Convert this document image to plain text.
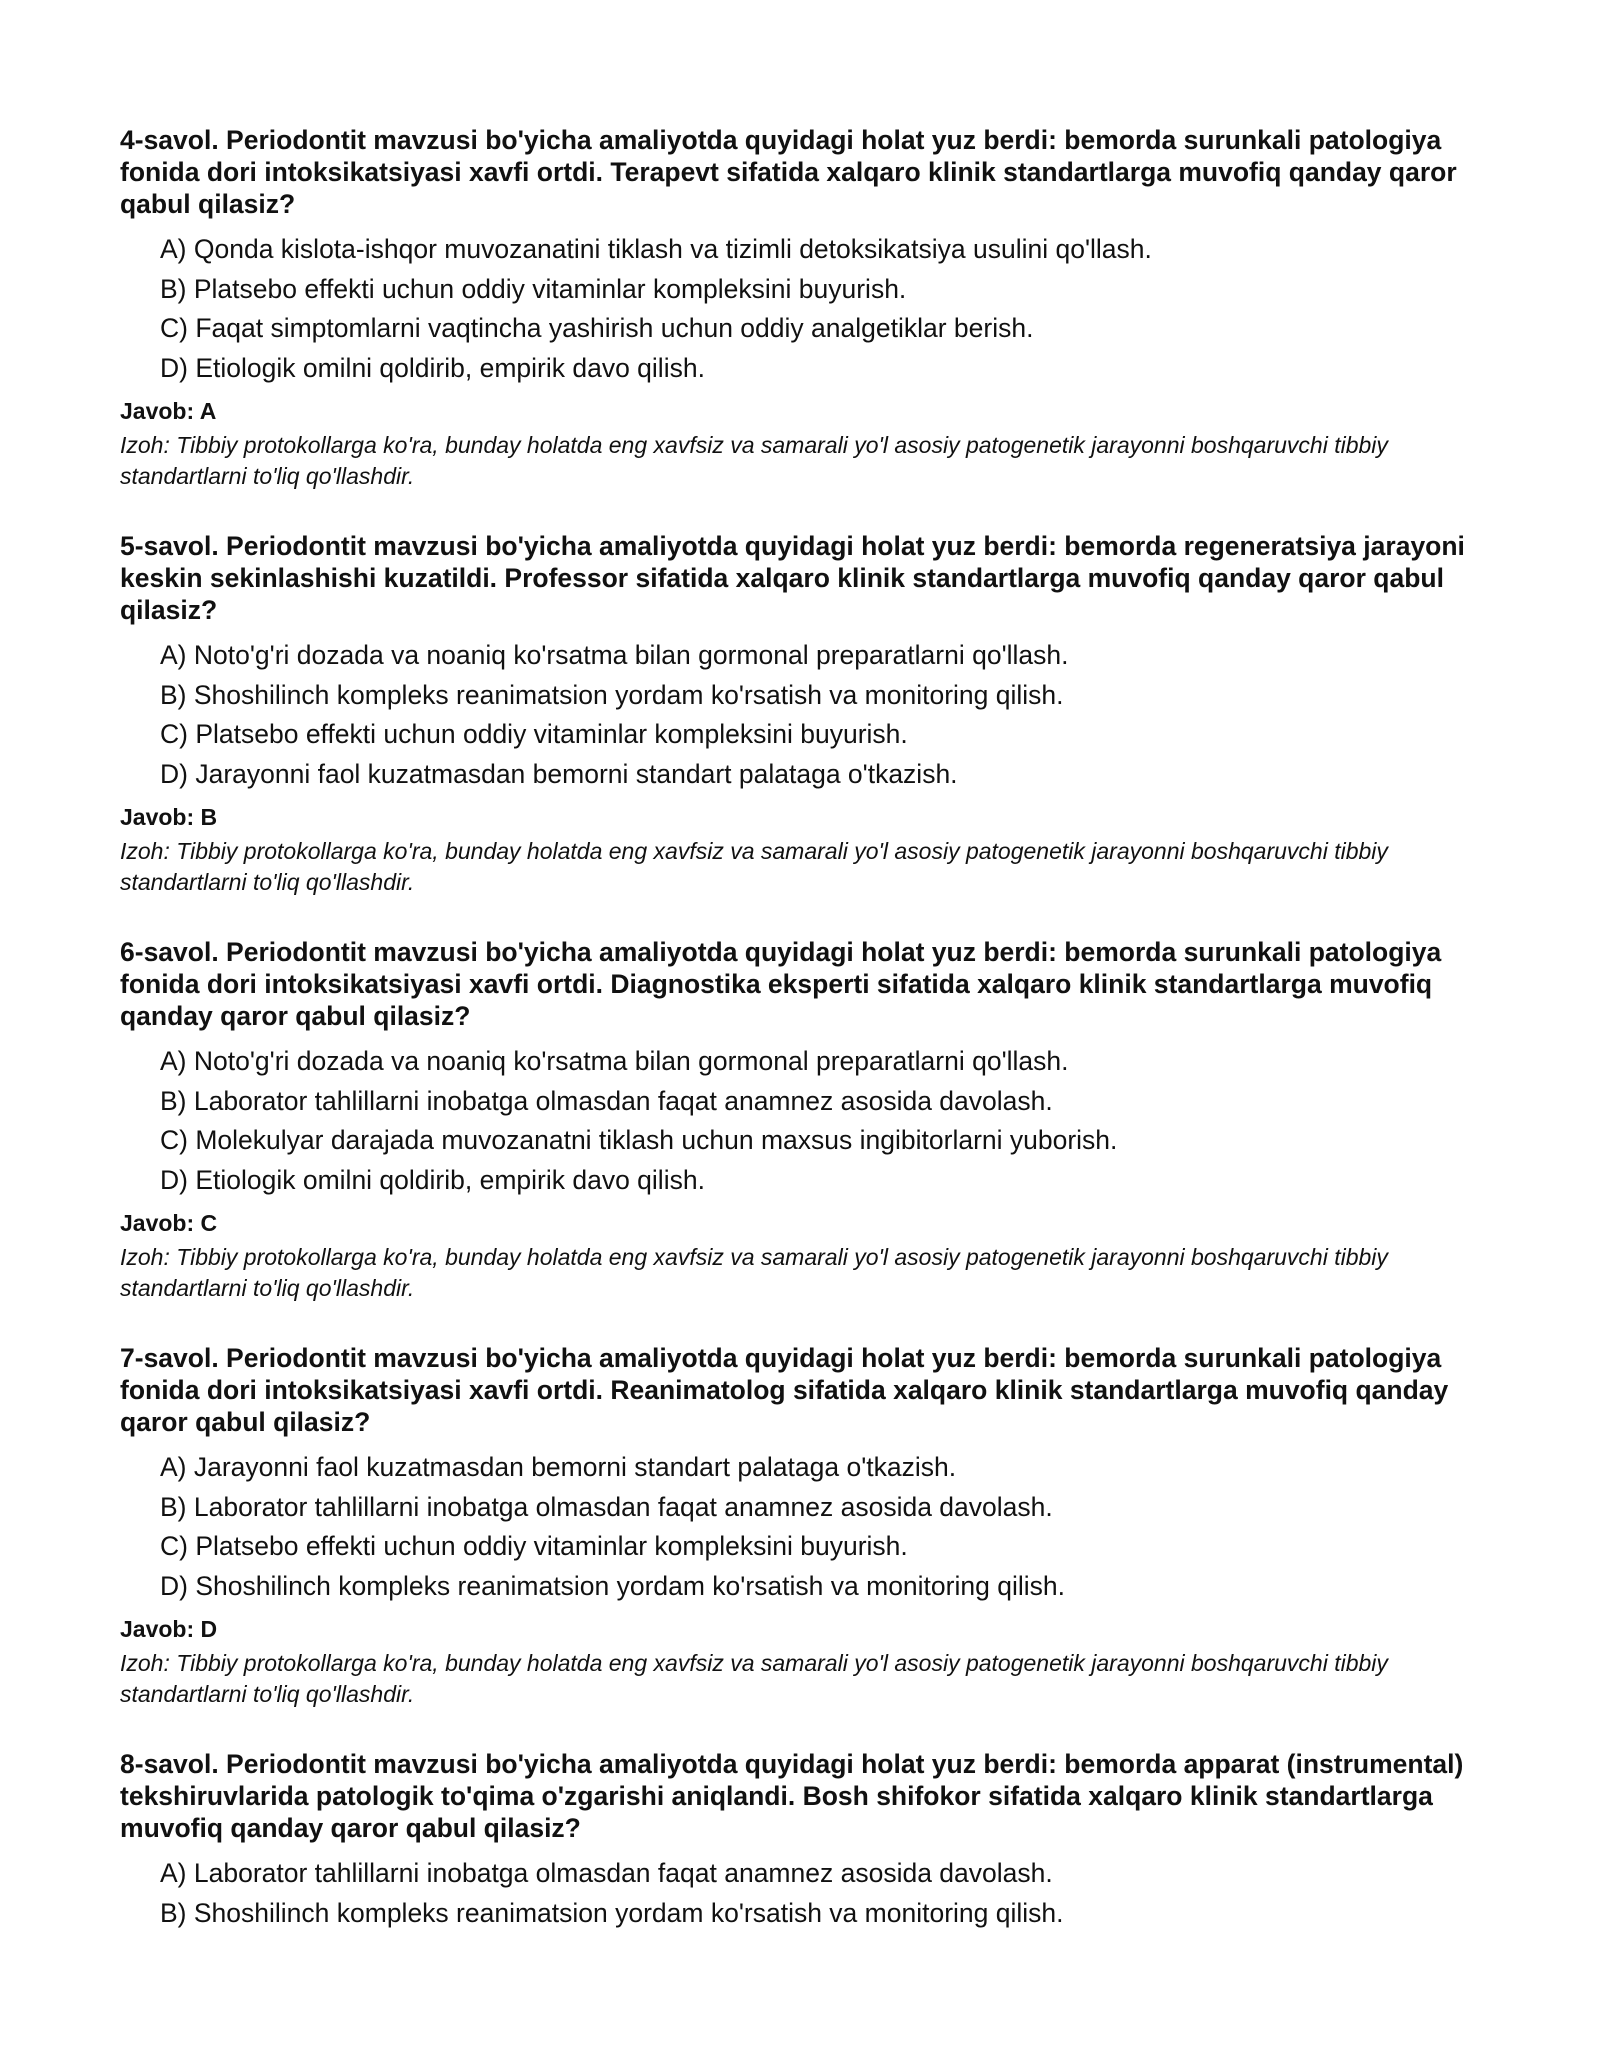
4-savol. Periodontit mavzusi bo'yicha amaliyotda quyidagi holat yuz berdi: bemorda surunkali patologiya fonida dori intoksikatsiyasi xavfi ortdi. Terapevt sifatida xalqaro klinik standartlarga muvofiq qanday qaror qabul qilasiz?

A) Qonda kislota-ishqor muvozanatini tiklash va tizimli detoksikatsiya usulini qo'llash.
B) Platsebo effekti uchun oddiy vitaminlar kompleksini buyurish.
C) Faqat simptomlarni vaqtincha yashirish uchun oddiy analgetiklar berish.
D) Etiologik omilni qoldirib, empirik davo qilish.
Javob: A

Izoh: Tibbiy protokollarga ko'ra, bunday holatda eng xavfsiz va samarali yo'l asosiy patogenetik jarayonni boshqaruvchi tibbiy standartlarni to'liq qo'llashdir.

5-savol. Periodontit mavzusi bo'yicha amaliyotda quyidagi holat yuz berdi: bemorda regeneratsiya jarayoni keskin sekinlashishi kuzatildi. Professor sifatida xalqaro klinik standartlarga muvofiq qanday qaror qabul qilasiz?

A) Noto'g'ri dozada va noaniq ko'rsatma bilan gormonal preparatlarni qo'llash.
B) Shoshilinch kompleks reanimatsion yordam ko'rsatish va monitoring qilish.
C) Platsebo effekti uchun oddiy vitaminlar kompleksini buyurish.
D) Jarayonni faol kuzatmasdan bemorni standart palataga o'tkazish.
Javob: B

Izoh: Tibbiy protokollarga ko'ra, bunday holatda eng xavfsiz va samarali yo'l asosiy patogenetik jarayonni boshqaruvchi tibbiy standartlarni to'liq qo'llashdir.

6-savol. Periodontit mavzusi bo'yicha amaliyotda quyidagi holat yuz berdi: bemorda surunkali patologiya fonida dori intoksikatsiyasi xavfi ortdi. Diagnostika eksperti sifatida xalqaro klinik standartlarga muvofiq qanday qaror qabul qilasiz?

A) Noto'g'ri dozada va noaniq ko'rsatma bilan gormonal preparatlarni qo'llash.
B) Laborator tahlillarni inobatga olmasdan faqat anamnez asosida davolash.
C) Molekulyar darajada muvozanatni tiklash uchun maxsus ingibitorlarni yuborish.
D) Etiologik omilni qoldirib, empirik davo qilish.
Javob: C

Izoh: Tibbiy protokollarga ko'ra, bunday holatda eng xavfsiz va samarali yo'l asosiy patogenetik jarayonni boshqaruvchi tibbiy standartlarni to'liq qo'llashdir.

7-savol. Periodontit mavzusi bo'yicha amaliyotda quyidagi holat yuz berdi: bemorda surunkali patologiya fonida dori intoksikatsiyasi xavfi ortdi. Reanimatolog sifatida xalqaro klinik standartlarga muvofiq qanday qaror qabul qilasiz?

A) Jarayonni faol kuzatmasdan bemorni standart palataga o'tkazish.
B) Laborator tahlillarni inobatga olmasdan faqat anamnez asosida davolash.
C) Platsebo effekti uchun oddiy vitaminlar kompleksini buyurish.
D) Shoshilinch kompleks reanimatsion yordam ko'rsatish va monitoring qilish.
Javob: D

Izoh: Tibbiy protokollarga ko'ra, bunday holatda eng xavfsiz va samarali yo'l asosiy patogenetik jarayonni boshqaruvchi tibbiy standartlarni to'liq qo'llashdir.

8-savol. Periodontit mavzusi bo'yicha amaliyotda quyidagi holat yuz berdi: bemorda apparat (instrumental) tekshiruvlarida patologik to'qima o'zgarishi aniqlandi. Bosh shifokor sifatida xalqaro klinik standartlarga muvofiq qanday qaror qabul qilasiz?

A) Laborator tahlillarni inobatga olmasdan faqat anamnez asosida davolash.
B) Shoshilinch kompleks reanimatsion yordam ko'rsatish va monitoring qilish.
